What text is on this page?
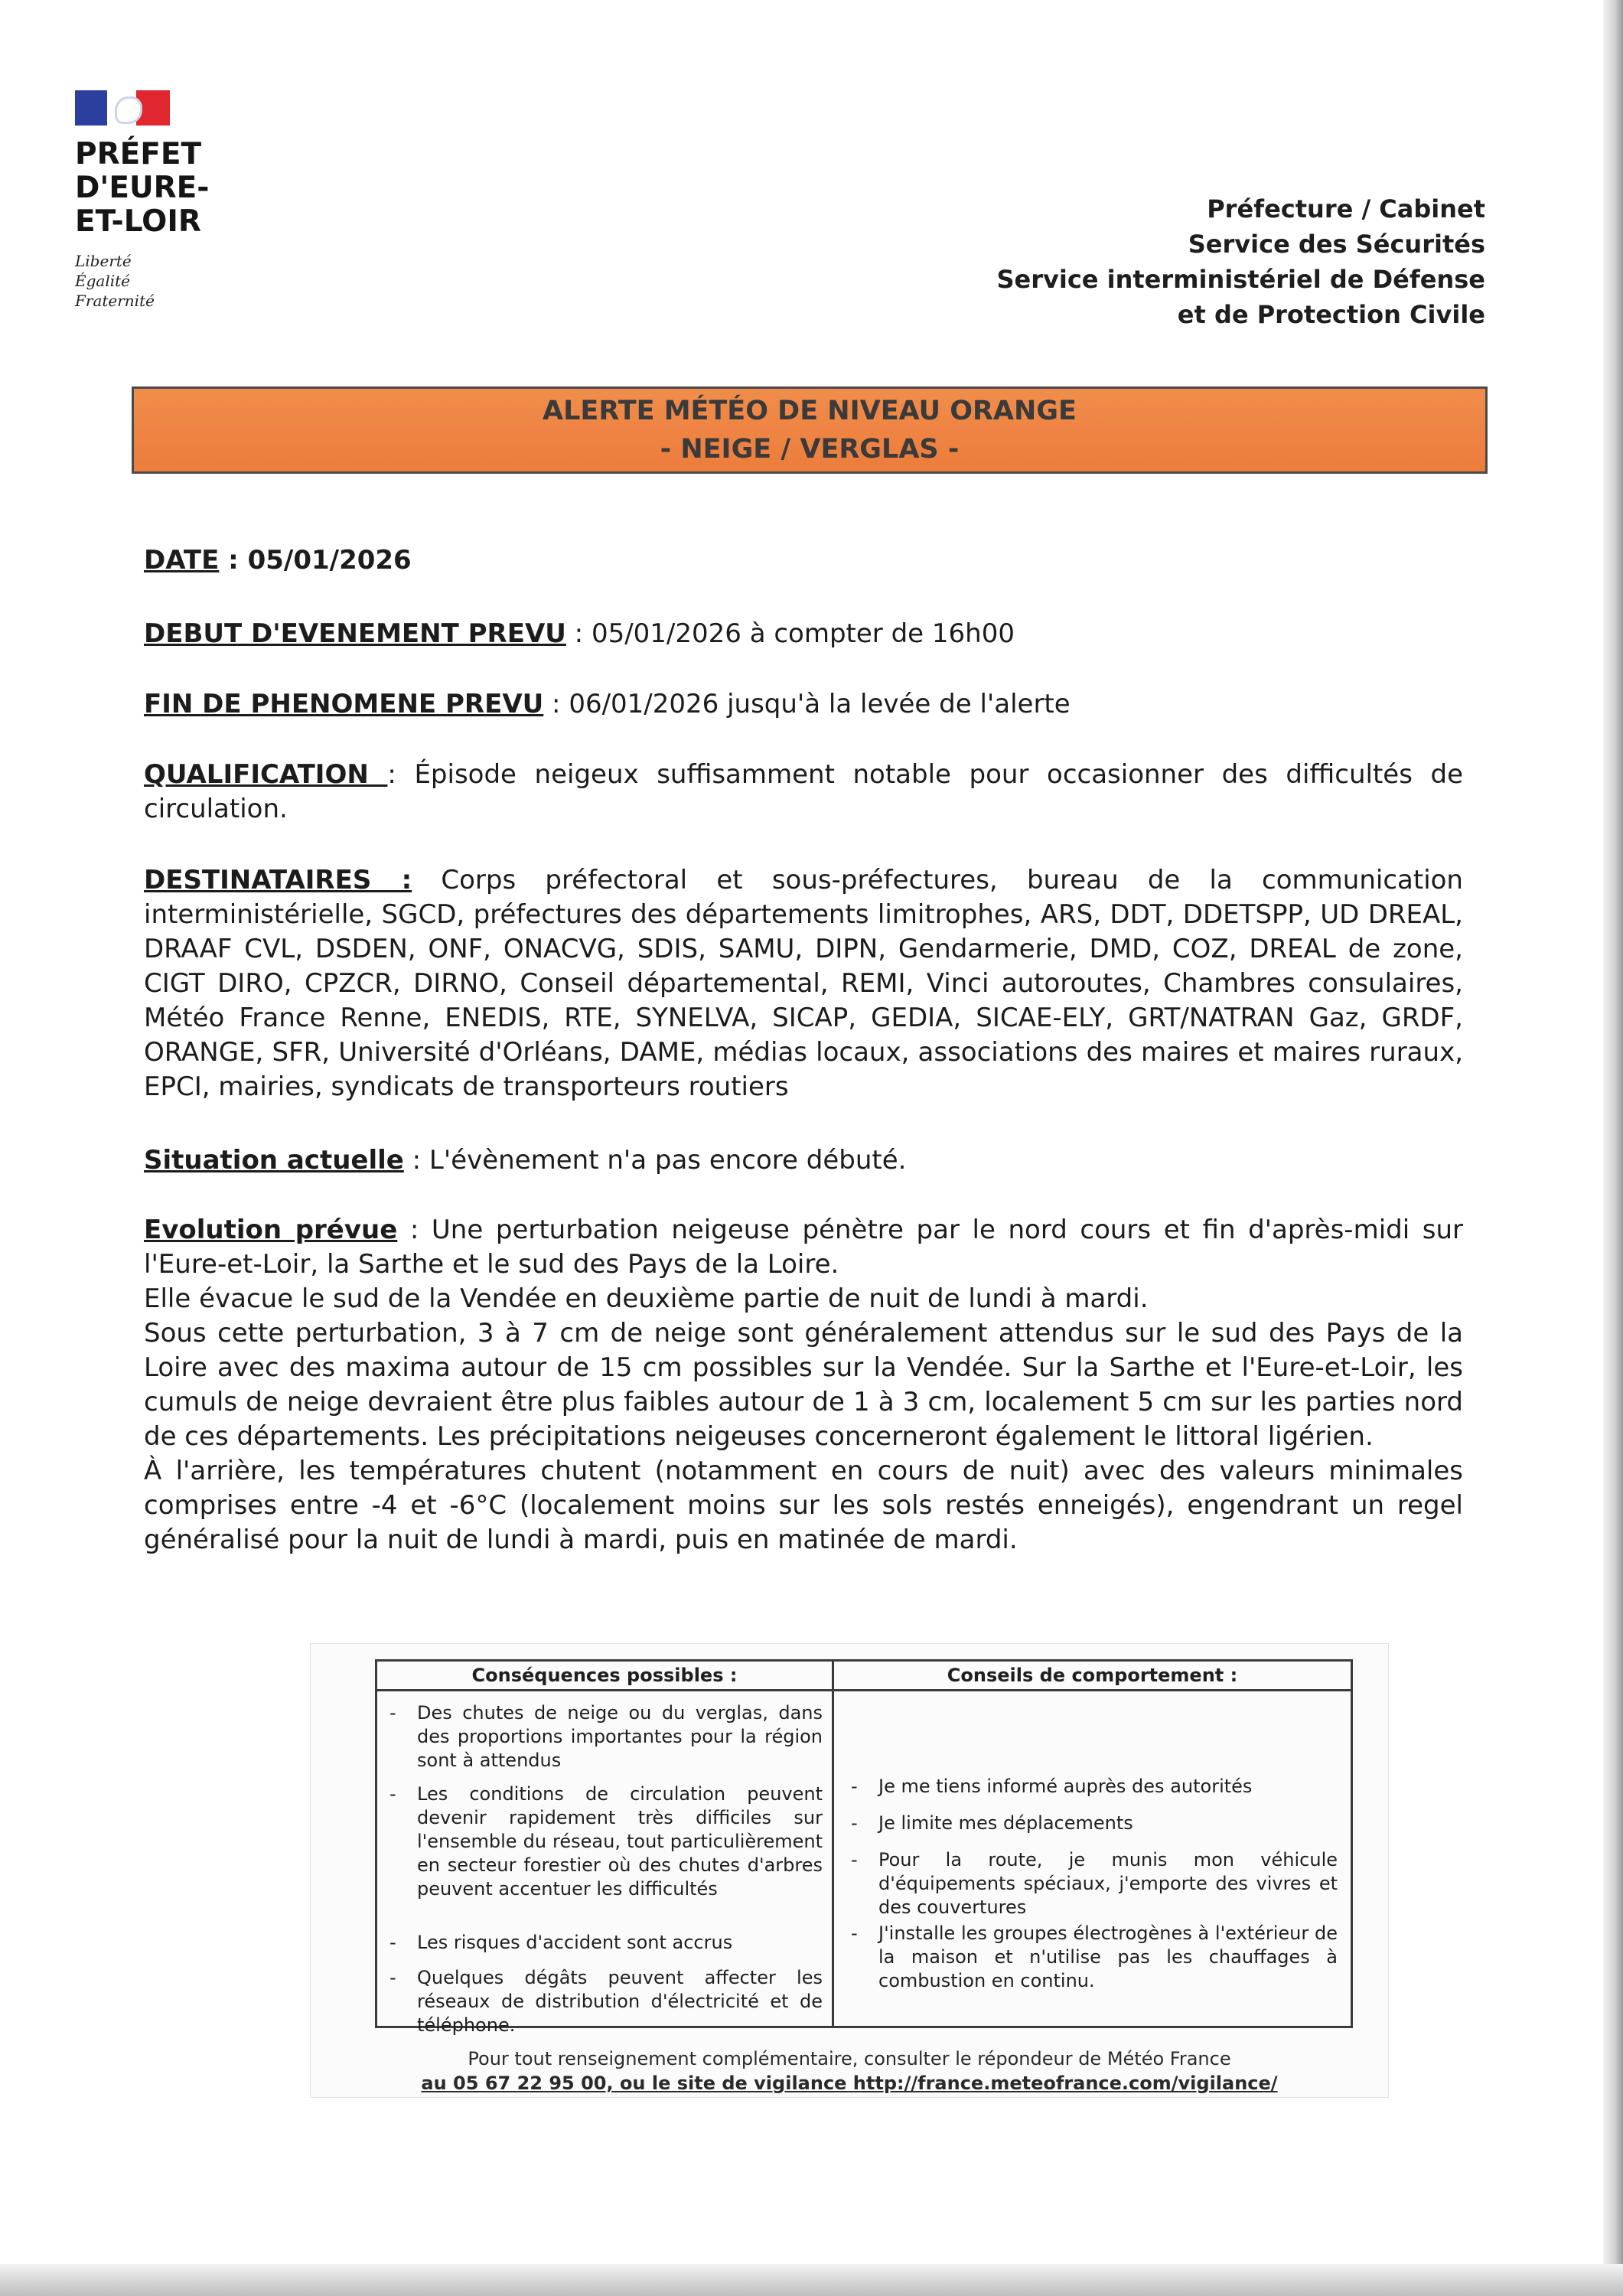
PRÉFET
D'EURE-
ET-LOIR
Liberté
Égalité
Fraternité
Préfecture / Cabinet
Service des Sécurités
Service interministériel de Défense
et de Protection Civile
ALERTE MÉTÉO DE NIVEAU ORANGE
- NEIGE / VERGLAS -
DATE : 05/01/2026
DEBUT D'EVENEMENT PREVU : 05/01/2026 à compter de 16h00
FIN DE PHENOMENE PREVU : 06/01/2026 jusqu'à la levée de l'alerte
QUALIFICATION : Épisode neigeux suffisamment notable pour occasionner des difficultés de circulation.
DESTINATAIRES : Corps préfectoral et sous-préfectures, bureau de la communication interministérielle, SGCD, préfectures des départements limitrophes, ARS, DDT, DDETSPP, UD DREAL, DRAAF CVL, DSDEN, ONF, ONACVG, SDIS, SAMU, DIPN, Gendarmerie, DMD, COZ, DREAL de zone, CIGT DIRO, CPZCR, DIRNO, Conseil départemental, REMI, Vinci autoroutes, Chambres consulaires, Météo France Renne, ENEDIS, RTE, SYNELVA, SICAP, GEDIA, SICAE-ELY, GRT/NATRAN Gaz, GRDF, ORANGE, SFR, Université d'Orléans, DAME, médias locaux, associations des maires et maires ruraux, EPCI, mairies, syndicats de transporteurs routiers
Situation actuelle : L'évènement n'a pas encore débuté.

Evolution prévue : Une perturbation neigeuse pénètre par le nord cours et fin d'après-midi sur l'Eure-et-Loir, la Sarthe et le sud des Pays de la Loire.

Elle évacue le sud de la Vendée en deuxième partie de nuit de lundi à mardi.

Sous cette perturbation, 3 à 7 cm de neige sont généralement attendus sur le sud des Pays de la Loire avec des maxima autour de 15 cm possibles sur la Vendée. Sur la Sarthe et l'Eure-et-Loir, les cumuls de neige devraient être plus faibles autour de 1 à 3 cm, localement 5 cm sur les parties nord de ces départements. Les précipitations neigeuses concerneront également le littoral ligérien.

À l'arrière, les températures chutent (notamment en cours de nuit) avec des valeurs minimales comprises entre -4 et -6°C (localement moins sur les sols restés enneigés), engendrant un regel généralisé pour la nuit de lundi à mardi, puis en matinée de mardi.

Conséquences possibles :	Conseils de comportement :
- Des chutes de neige ou du verglas, dans des proportions importantes pour la région sont à attendus
- Les conditions de circulation peuvent devenir rapidement très difficiles sur l'ensemble du réseau, tout particulièrement en secteur forestier où des chutes d'arbres peuvent accentuer les difficultés
- Les risques d'accident sont accrus
- Quelques dégâts peuvent affecter les réseaux de distribution d'électricité et de téléphone.
- Je me tiens informé auprès des autorités
- Je limite mes déplacements
- Pour la route, je munis mon véhicule d'équipements spéciaux, j'emporte des vivres et des couvertures
- J'installe les groupes électrogènes à l'extérieur de la maison et n'utilise pas les chauffages à combustion en continu.
Pour tout renseignement complémentaire, consulter le répondeur de Météo France
au 05 67 22 95 00, ou le site de vigilance http://france.meteofrance.com/vigilance/
